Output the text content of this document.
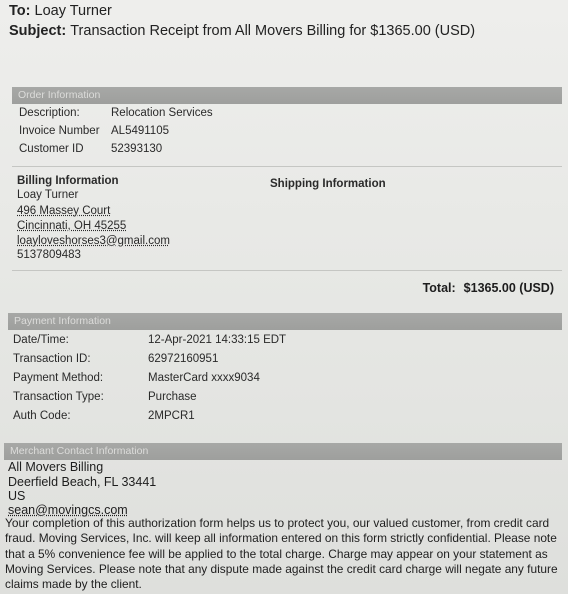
To: Loay Turner
Subject: Transaction Receipt from All Movers Billing for $1365.00 (USD)
Order Information
Description:	Relocation Services
Invoice Number AL5491105
Customer ID 52393130
Billing Information	Shipping Information
Loay Turner
496 Massey Court
Cincinnati, OH 45255
loayloveshorses3@gmail.com
5137809483
Total: $1365.00 (USD)
Payment Information
Date/Time:	12-Apr-2021 14:33:15 EDT
Transaction ID:	62972160951
Payment Method:	MasterCard xxxx9034
Transaction Type:	Purchase
Auth Code:	2MPCR1
Merchant Contact Information
All Movers Billing
Deerfield Beach, FL 33441
US
sean@movingcs.com
Your completion of this authorization form helps us to protect you, our valued customer, from credit card fraud. Moving Services, Inc. will keep all information entered on this form strictly confidential. Please note that a 5% convenience fee will be applied to the total charge. Charge may appear on your statement as Moving Services. Please note that any dispute made against the credit card charge will negate any future claims made by the client.
